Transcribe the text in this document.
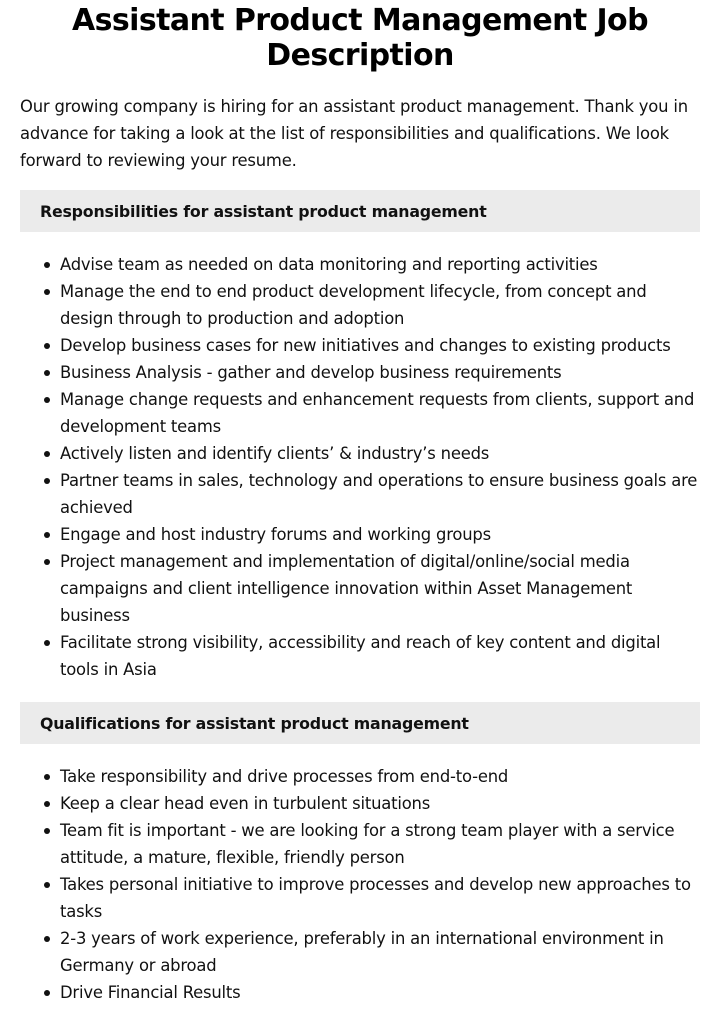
Assistant Product Management Job Description

Our growing company is hiring for an assistant product management. Thank you in advance for taking a look at the list of responsibilities and qualifications. We look forward to reviewing your resume.

Responsibilities for assistant product management
Advise team as needed on data monitoring and reporting activities
Manage the end to end product development lifecycle, from concept and design through to production and adoption
Develop business cases for new initiatives and changes to existing products
Business Analysis - gather and develop business requirements
Manage change requests and enhancement requests from clients, support and development teams
Actively listen and identify clients’ & industry’s needs
Partner teams in sales, technology and operations to ensure business goals are achieved
Engage and host industry forums and working groups
Project management and implementation of digital/online/social media campaigns and client intelligence innovation within Asset Management business
Facilitate strong visibility, accessibility and reach of key content and digital tools in Asia
Qualifications for assistant product management
Take responsibility and drive processes from end-to-end
Keep a clear head even in turbulent situations
Team fit is important - we are looking for a strong team player with a service attitude, a mature, flexible, friendly person
Takes personal initiative to improve processes and develop new approaches to tasks
2-3 years of work experience, preferably in an international environment in Germany or abroad
Drive Financial Results
